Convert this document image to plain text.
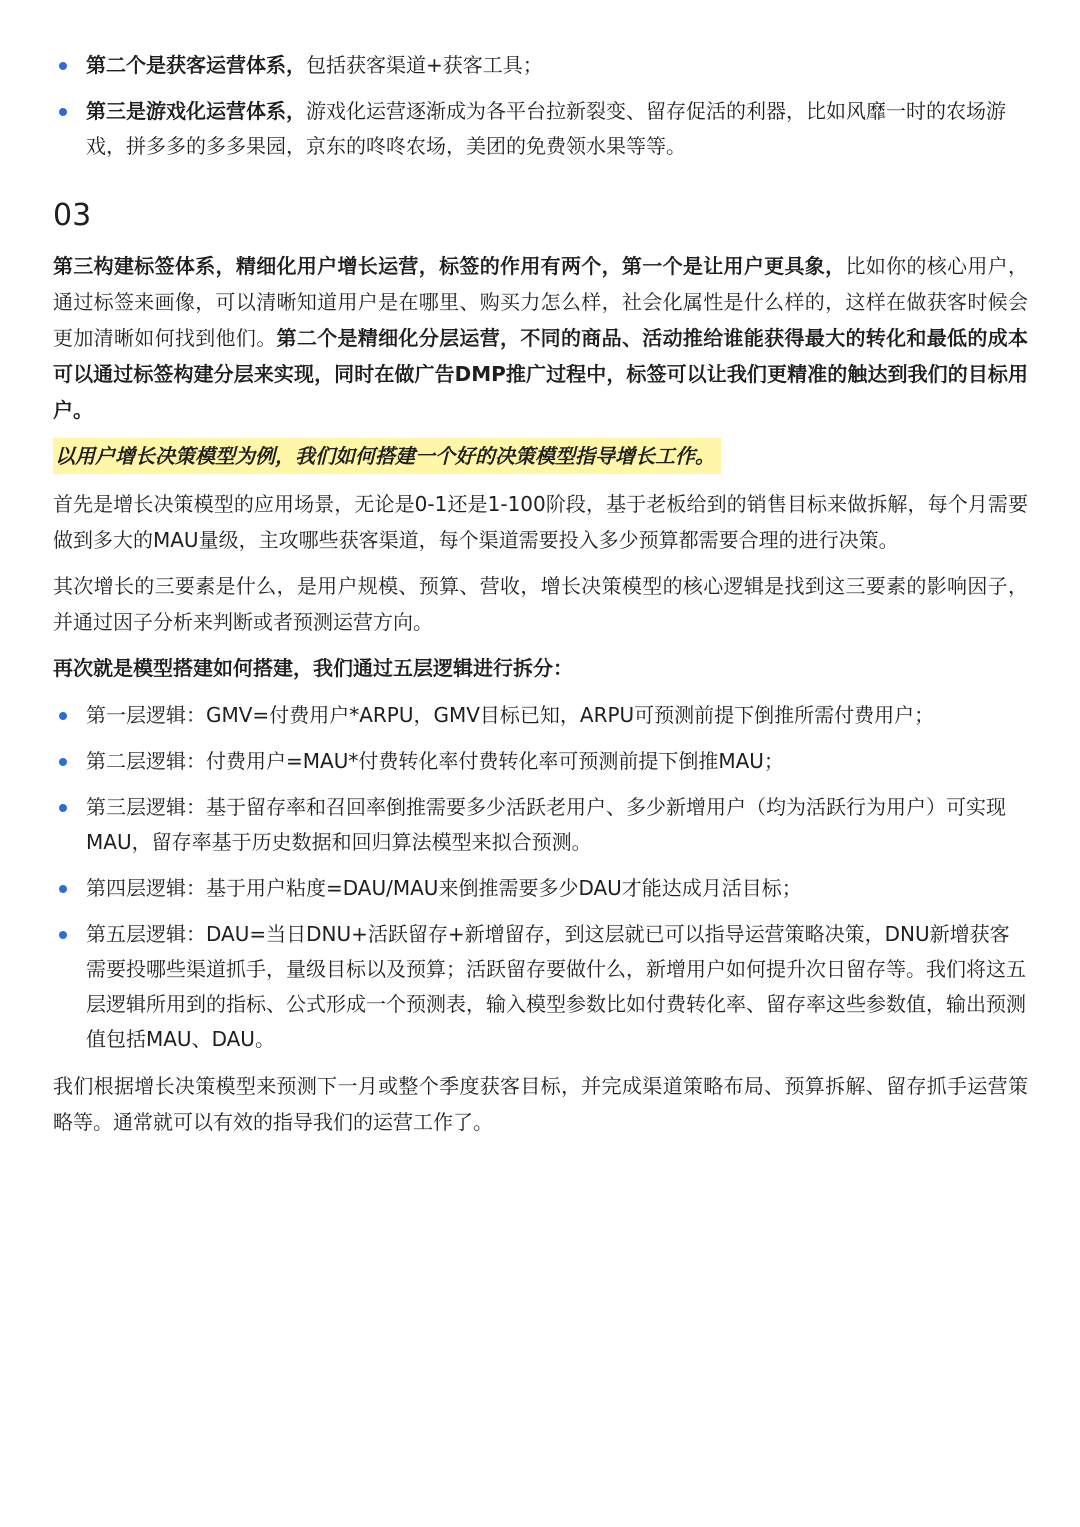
第二个是获客运营体系，包括获客渠道+获客工具；
第三是游戏化运营体系，游戏化运营逐渐成为各平台拉新裂变、留存促活的利器，比如风靡一时的农场游戏，拼多多的多多果园，京东的咚咚农场，美团的免费领水果等等。
03

第三构建标签体系，精细化用户增长运营，标签的作用有两个，第一个是让用户更具象，比如你的核心用户，通过标签来画像，可以清晰知道用户是在哪里、购买力怎么样，社会化属性是什么样的，这样在做获客时候会更加清晰如何找到他们。第二个是精细化分层运营，不同的商品、活动推给谁能获得最大的转化和最低的成本可以通过标签构建分层来实现，同时在做广告DMP推广过程中，标签可以让我们更精准的触达到我们的目标用户。

以用户增长决策模型为例，我们如何搭建一个好的决策模型指导增长工作。

首先是增长决策模型的应用场景，无论是0-1还是1-100阶段，基于老板给到的销售目标来做拆解，每个月需要做到多大的MAU量级，主攻哪些获客渠道，每个渠道需要投入多少预算都需要合理的进行决策。

其次增长的三要素是什么，是用户规模、预算、营收，增长决策模型的核心逻辑是找到这三要素的影响因子，并通过因子分析来判断或者预测运营方向。

再次就是模型搭建如何搭建，我们通过五层逻辑进行拆分：
第一层逻辑：GMV=付费用户*ARPU，GMV目标已知，ARPU可预测前提下倒推所需付费用户；
第二层逻辑：付费用户=MAU*付费转化率付费转化率可预测前提下倒推MAU；
第三层逻辑：基于留存率和召回率倒推需要多少活跃老用户、多少新增用户（均为活跃行为用户）可实现MAU，留存率基于历史数据和回归算法模型来拟合预测。
第四层逻辑：基于用户粘度=DAU/MAU来倒推需要多少DAU才能达成月活目标；
第五层逻辑：DAU=当日DNU+活跃留存+新增留存，到这层就已可以指导运营策略决策，DNU新增获客需要投哪些渠道抓手，量级目标以及预算；活跃留存要做什么，新增用户如何提升次日留存等。我们将这五层逻辑所用到的指标、公式形成一个预测表，输入模型参数比如付费转化率、留存率这些参数值，输出预测值包括MAU、DAU。

我们根据增长决策模型来预测下一月或整个季度获客目标，并完成渠道策略布局、预算拆解、留存抓手运营策略等。通常就可以有效的指导我们的运营工作了。
